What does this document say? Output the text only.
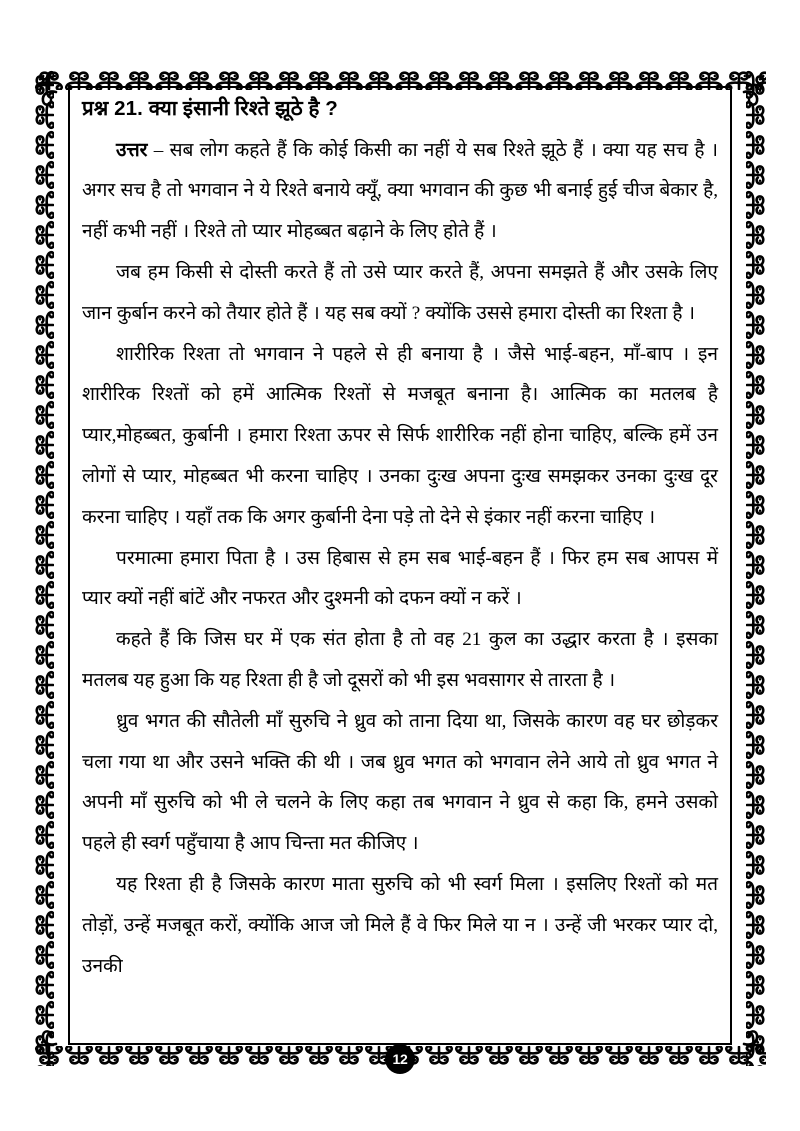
प्रश्न 21. क्या इंसानी रिश्ते झूठे है ?

उत्तर – सब लोग कहते हैं कि कोई किसी का नहीं ये सब रिश्ते झूठे हैं । क्या यह सच है । अगर सच है तो भगवान ने ये रिश्ते बनाये क्यूँ, क्या भगवान की कुछ भी बनाई हुई चीज बेकार है, नहीं कभी नहीं । रिश्ते तो प्यार मोहब्बत बढ़ाने के लिए होते हैं ।

जब हम किसी से दोस्ती करते हैं तो उसे प्यार करते हैं, अपना समझते हैं और उसके लिए जान कुर्बान करने को तैयार होते हैं । यह सब क्यों ? क्योंकि उससे हमारा दोस्ती का रिश्ता है ।

शारीरिक रिश्ता तो भगवान ने पहले से ही बनाया है । जैसे भाई-बहन, माँ-बाप । इन शारीरिक रिश्तों को हमें आत्मिक रिश्तों से मजबूत बनाना है। आत्मिक का मतलब है प्यार,मोहब्बत, कुर्बानी । हमारा रिश्ता ऊपर से सिर्फ शारीरिक नहीं होना चाहिए, बल्कि हमें उन लोगों से प्यार, मोहब्बत भी करना चाहिए । उनका दुःख अपना दुःख समझकर उनका दुःख दूर करना चाहिए । यहाँ तक कि अगर कुर्बानी देना पड़े तो देने से इंकार नहीं करना चाहिए ।

परमात्मा हमारा पिता है । उस हिबास से हम सब भाई-बहन हैं । फिर हम सब आपस में प्यार क्यों नहीं बांटें और नफरत और दुश्मनी को दफन क्यों न करें ।

कहते हैं कि जिस घर में एक संत होता है तो वह 21 कुल का उद्धार करता है । इसका मतलब यह हुआ कि यह रिश्ता ही है जो दूसरों को भी इस भवसागर से तारता है ।

ध्रुव भगत की सौतेली माँ सुरुचि ने ध्रुव को ताना दिया था, जिसके कारण वह घर छोड़कर चला गया था और उसने भक्ति की थी । जब ध्रुव भगत को भगवान लेने आये तो ध्रुव भगत ने अपनी माँ सुरुचि को भी ले चलने के लिए कहा तब भगवान ने ध्रुव से कहा कि, हमने उसको पहले ही स्वर्ग पहुँचाया है आप चिन्ता मत कीजिए ।

यह रिश्ता ही है जिसके कारण माता सुरुचि को भी स्वर्ग मिला । इसलिए रिश्तों को मत तोड़ों, उन्हें मजबूत करों, क्योंकि आज जो मिले हैं वे फिर मिले या न । उन्हें जी भरकर प्यार दो, उनकी

12
